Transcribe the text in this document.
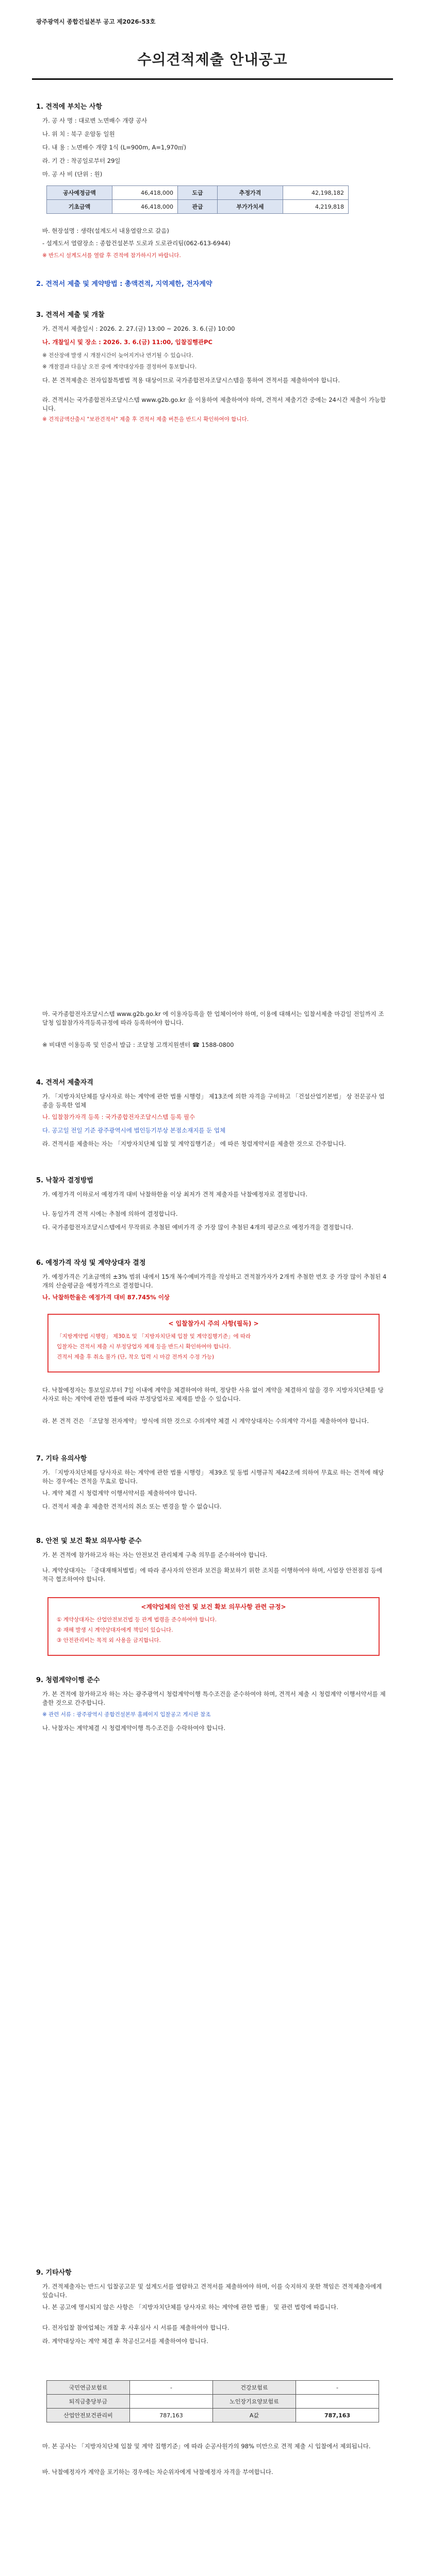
광주광역시 종합건설본부 공고 제2026-53호
수의견적제출 안내공고
1. 견적에 부치는 사항
가. 공 사 명 : 대로변 노면배수 개량 공사
나. 위 치 : 북구 운암동 일원
다. 내 용 : 노면배수 개량 1식 (L=900m, A=1,970㎡)
라. 기 간 : 착공일로부터 29일
마. 공 사 비 (단위 : 원)
공사예정금액	46,418,000	도급	추정가격	42,198,182
기초금액	46,418,000	관급	부가가치세	4,219,818
바. 현장설명 : 생략(설계도서 내용열람으로 갈음)
- 설계도서 열람장소 : 종합건설본부 도로과 도로관리팀(062-613-6944)
※ 반드시 설계도서를 열람 후 견적에 참가하시기 바랍니다.
2. 견적서 제출 및 계약방법 : 총액견적, 지역제한, 전자계약
3. 견적서 제출 및 개찰
가. 견적서 제출일시 : 2026. 2. 27.(금) 13:00 ~ 2026. 3. 6.(금) 10:00
나. 개찰일시 및 장소 : 2026. 3. 6.(금) 11:00, 입찰집행관PC
※ 전산장애 발생 시 개찰시간이 늦어지거나 연기될 수 있습니다.
※ 개찰결과 다음날 오전 중에 계약대상자를 결정하여 통보합니다.
다. 본 견적제출은 전자입찰특별법 적용 대상이므로 국가종합전자조달시스템을 통하여 견적서를 제출하여야 합니다.
라. 견적서는 국가종합전자조달시스템 www.g2b.go.kr 을 이용하여 제출하여야 하며, 견적서 제출기간 중에는 24시간 제출이 가능합니다.
※ 견적금액산출시 "보관견적서" 제출 후 견적서 제출 버튼을 반드시 확인하여야 합니다.
마. 국가종합전자조달시스템 www.g2b.go.kr 에 이용자등록을 한 업체이어야 하며, 이용에 대해서는 입찰서제출 마감일 전일까지 조달청 입찰참가자격등록규정에 따라 등록하여야 합니다.
※ 비대면 이용등록 및 인증서 발급 : 조달청 고객지원센터 ☎ 1588-0800
4. 견적서 제출자격
가. 「지방자치단체를 당사자로 하는 계약에 관한 법률 시행령」 제13조에 의한 자격을 구비하고 「건설산업기본법」 상 전문공사 업종을 등록한 업체
나. 입찰참가자격 등록 : 국가종합전자조달시스템 등록 필수
다. 공고일 전일 기준 광주광역시에 법인등기부상 본점소재지를 둔 업체
라. 견적서를 제출하는 자는 「지방자치단체 입찰 및 계약집행기준」 에 따른 청렴계약서를 제출한 것으로 간주합니다.
5. 낙찰자 결정방법
가. 예정가격 이하로서 예정가격 대비 낙찰하한율 이상 최저가 견적 제출자를 낙찰예정자로 결정합니다.
나. 동일가격 견적 시에는 추첨에 의하여 결정합니다.
다. 국가종합전자조달시스템에서 무작위로 추첨된 예비가격 중 가장 많이 추첨된 4개의 평균으로 예정가격을 결정합니다.
6. 예정가격 작성 및 계약상대자 결정
가. 예정가격은 기초금액의 ±3% 범위 내에서 15개 복수예비가격을 작성하고 견적참가자가 2개씩 추첨한 번호 중 가장 많이 추첨된 4개의 산술평균을 예정가격으로 결정합니다.
나. 낙찰하한율은 예정가격 대비 87.745% 이상
< 입찰참가시 주의 사항(필독) >
「지방계약법 시행령」 제30조 및 「지방자치단체 입찰 및 계약집행기준」에 따라
입찰자는 견적서 제출 시 부정당업자 제재 등을 반드시 확인하여야 합니다.
견적서 제출 후 취소 불가 (단, 착오 입력 시 마감 전까지 수정 가능)
다. 낙찰예정자는 통보일로부터 7일 이내에 계약을 체결하여야 하며, 정당한 사유 없이 계약을 체결하지 않을 경우 지방자치단체를 당사자로 하는 계약에 관한 법률에 따라 부정당업자로 제재를 받을 수 있습니다.
라. 본 견적 건은 「조달청 전자계약」 방식에 의한 것으로 수의계약 체결 시 계약상대자는 수의계약 각서를 제출하여야 합니다.
7. 기타 유의사항
가. 「지방자치단체를 당사자로 하는 계약에 관한 법률 시행령」 제39조 및 동법 시행규칙 제42조에 의하여 무효로 하는 견적에 해당하는 경우에는 견적을 무효로 합니다.
나. 계약 체결 시 청렴계약 이행서약서를 제출하여야 합니다.
다. 견적서 제출 후 제출한 견적서의 취소 또는 변경을 할 수 없습니다.
8. 안전 및 보건 확보 의무사항 준수
가. 본 견적에 참가하고자 하는 자는 안전보건 관리체계 구축 의무를 준수하여야 합니다.
나. 계약상대자는 「중대재해처벌법」에 따라 종사자의 안전과 보건을 확보하기 위한 조치를 이행하여야 하며, 사업장 안전점검 등에 적극 협조하여야 합니다.
<계약업체의 안전 및 보건 확보 의무사항 관련 규정>
① 계약상대자는 산업안전보건법 등 관계 법령을 준수하여야 합니다.
② 재해 발생 시 계약상대자에게 책임이 있습니다.
③ 안전관리비는 목적 외 사용을 금지합니다.
9. 청렴계약이행 준수
가. 본 견적에 참가하고자 하는 자는 광주광역시 청렴계약이행 특수조건을 준수하여야 하며, 견적서 제출 시 청렴계약 이행서약서를 제출한 것으로 간주합니다.
※ 관련 서류 : 광주광역시 종합건설본부 홈페이지 입찰공고 게시판 참조
나. 낙찰자는 계약체결 시 청렴계약이행 특수조건을 수락하여야 합니다.
9. 기타사항
가. 견적제출자는 반드시 입찰공고문 및 설계도서를 열람하고 견적서를 제출하여야 하며, 이를 숙지하지 못한 책임은 견적제출자에게 있습니다.
나. 본 공고에 명시되지 않은 사항은 「지방자치단체를 당사자로 하는 계약에 관한 법률」 및 관련 법령에 따릅니다.
다. 전자입찰 참여업체는 개찰 후 사후심사 시 서류를 제출하여야 합니다.
라. 계약대상자는 계약 체결 후 착공신고서를 제출하여야 합니다.
국민연금보험료	-	건강보험료	-
퇴직금충당부금		노인장기요양보험료	
산업안전보건관리비	787,163	A값	787,163
마. 본 공사는 「지방자치단체 입찰 및 계약 집행기준」에 따라 순공사원가의 98% 미만으로 견적 제출 시 입찰에서 제외됩니다.
바. 낙찰예정자가 계약을 포기하는 경우에는 차순위자에게 낙찰예정자 자격을 부여합니다.
